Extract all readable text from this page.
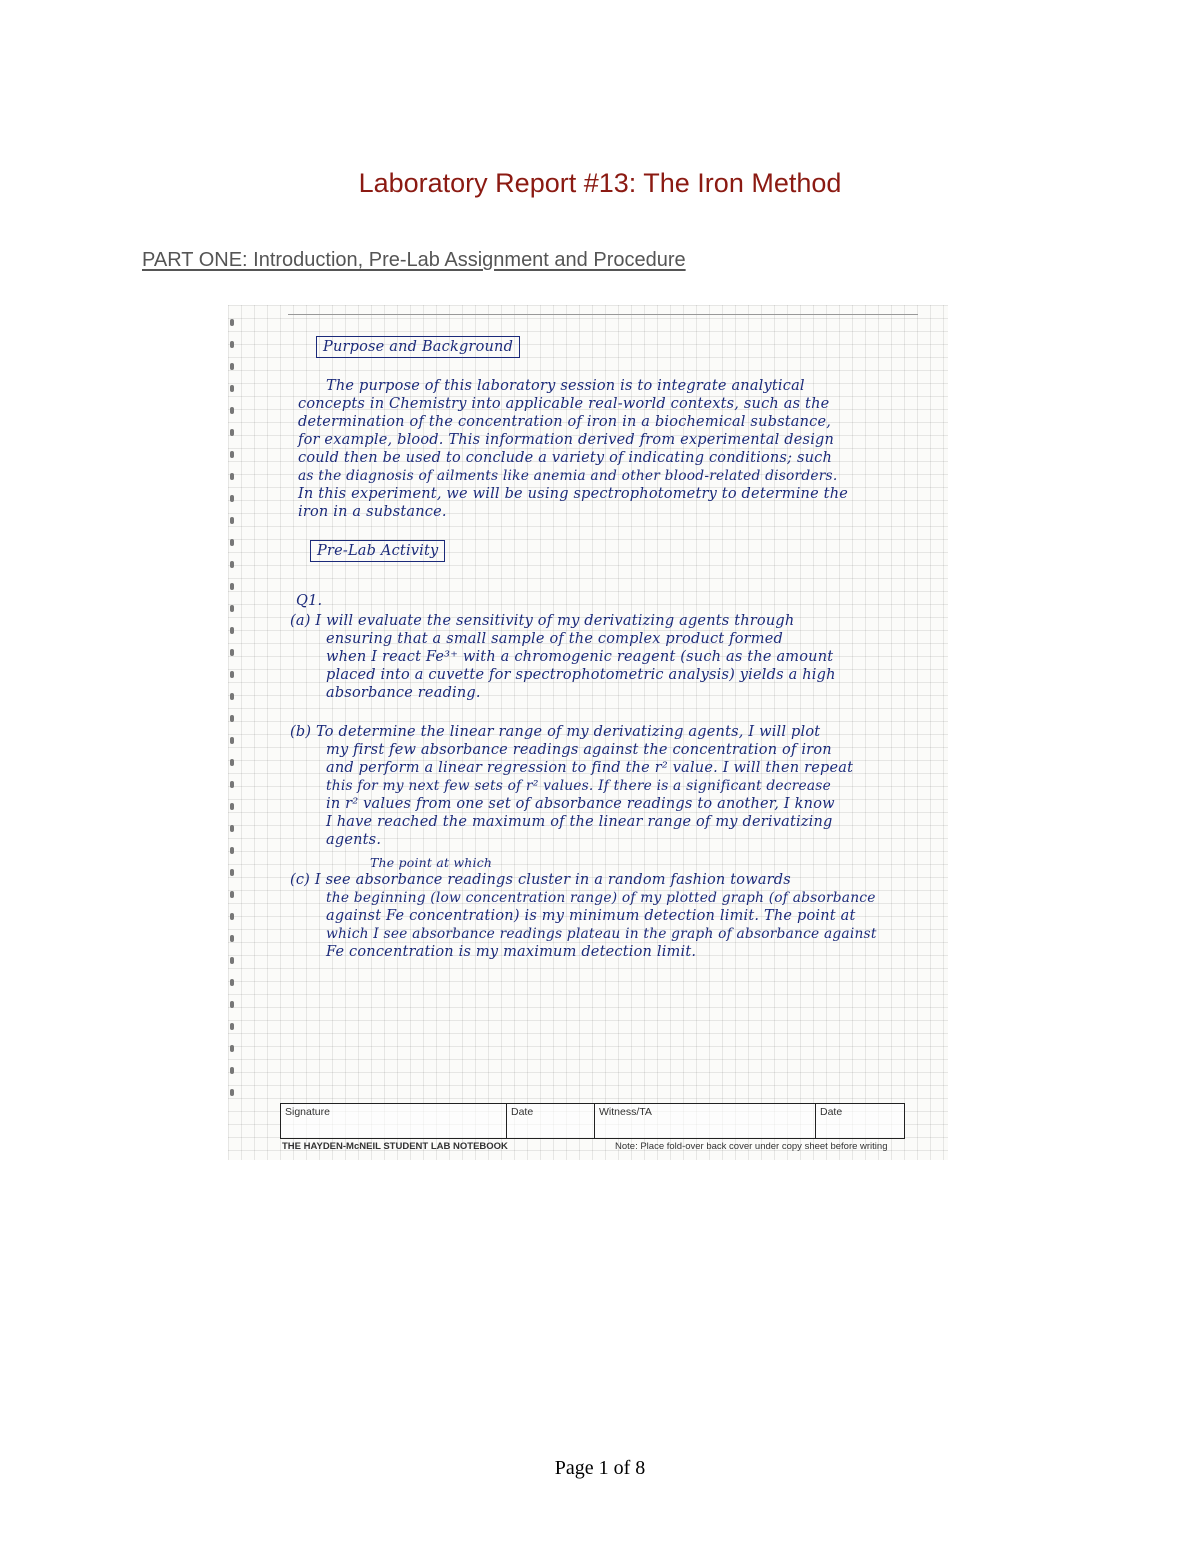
Laboratory Report #13: The Iron Method
PART ONE: Introduction, Pre-Lab Assignment and Procedure
Purpose and Background
The purpose of this laboratory session is to integrate analytical
concepts in Chemistry into applicable real-world contexts, such as the
determination of the concentration of iron in a biochemical substance,
for example, blood. This information derived from experimental design
could then be used to conclude a variety of indicating conditions; such
as the diagnosis of ailments like anemia and other blood-related disorders.
In this experiment, we will be using spectrophotometry to determine the
iron in a substance.
Pre-Lab Activity
Q1.
(a) I will evaluate the sensitivity of my derivatizing agents through
ensuring that a small sample of the complex product formed
when I react Fe³⁺ with a chromogenic reagent (such as the amount
placed into a cuvette for spectrophotometric analysis) yields a high
absorbance reading.
(b) To determine the linear range of my derivatizing agents, I will plot
my first few absorbance readings against the concentration of iron
and perform a linear regression to find the r² value. I will then repeat
this for my next few sets of r² values. If there is a significant decrease
in r² values from one set of absorbance readings to another, I know
I have reached the maximum of the linear range of my derivatizing
agents.
The point at which
(c) I see absorbance readings cluster in a random fashion towards
the beginning (low concentration range) of my plotted graph (of absorbance
against Fe concentration) is my minimum detection limit. The point at
which I see absorbance readings plateau in the graph of absorbance against
Fe concentration is my maximum detection limit.
Signature	Date	Witness/TA	Date
THE HAYDEN-McNEIL STUDENT LAB NOTEBOOK	Note: Place fold-over back cover under copy sheet before writing
Page 1 of 8
